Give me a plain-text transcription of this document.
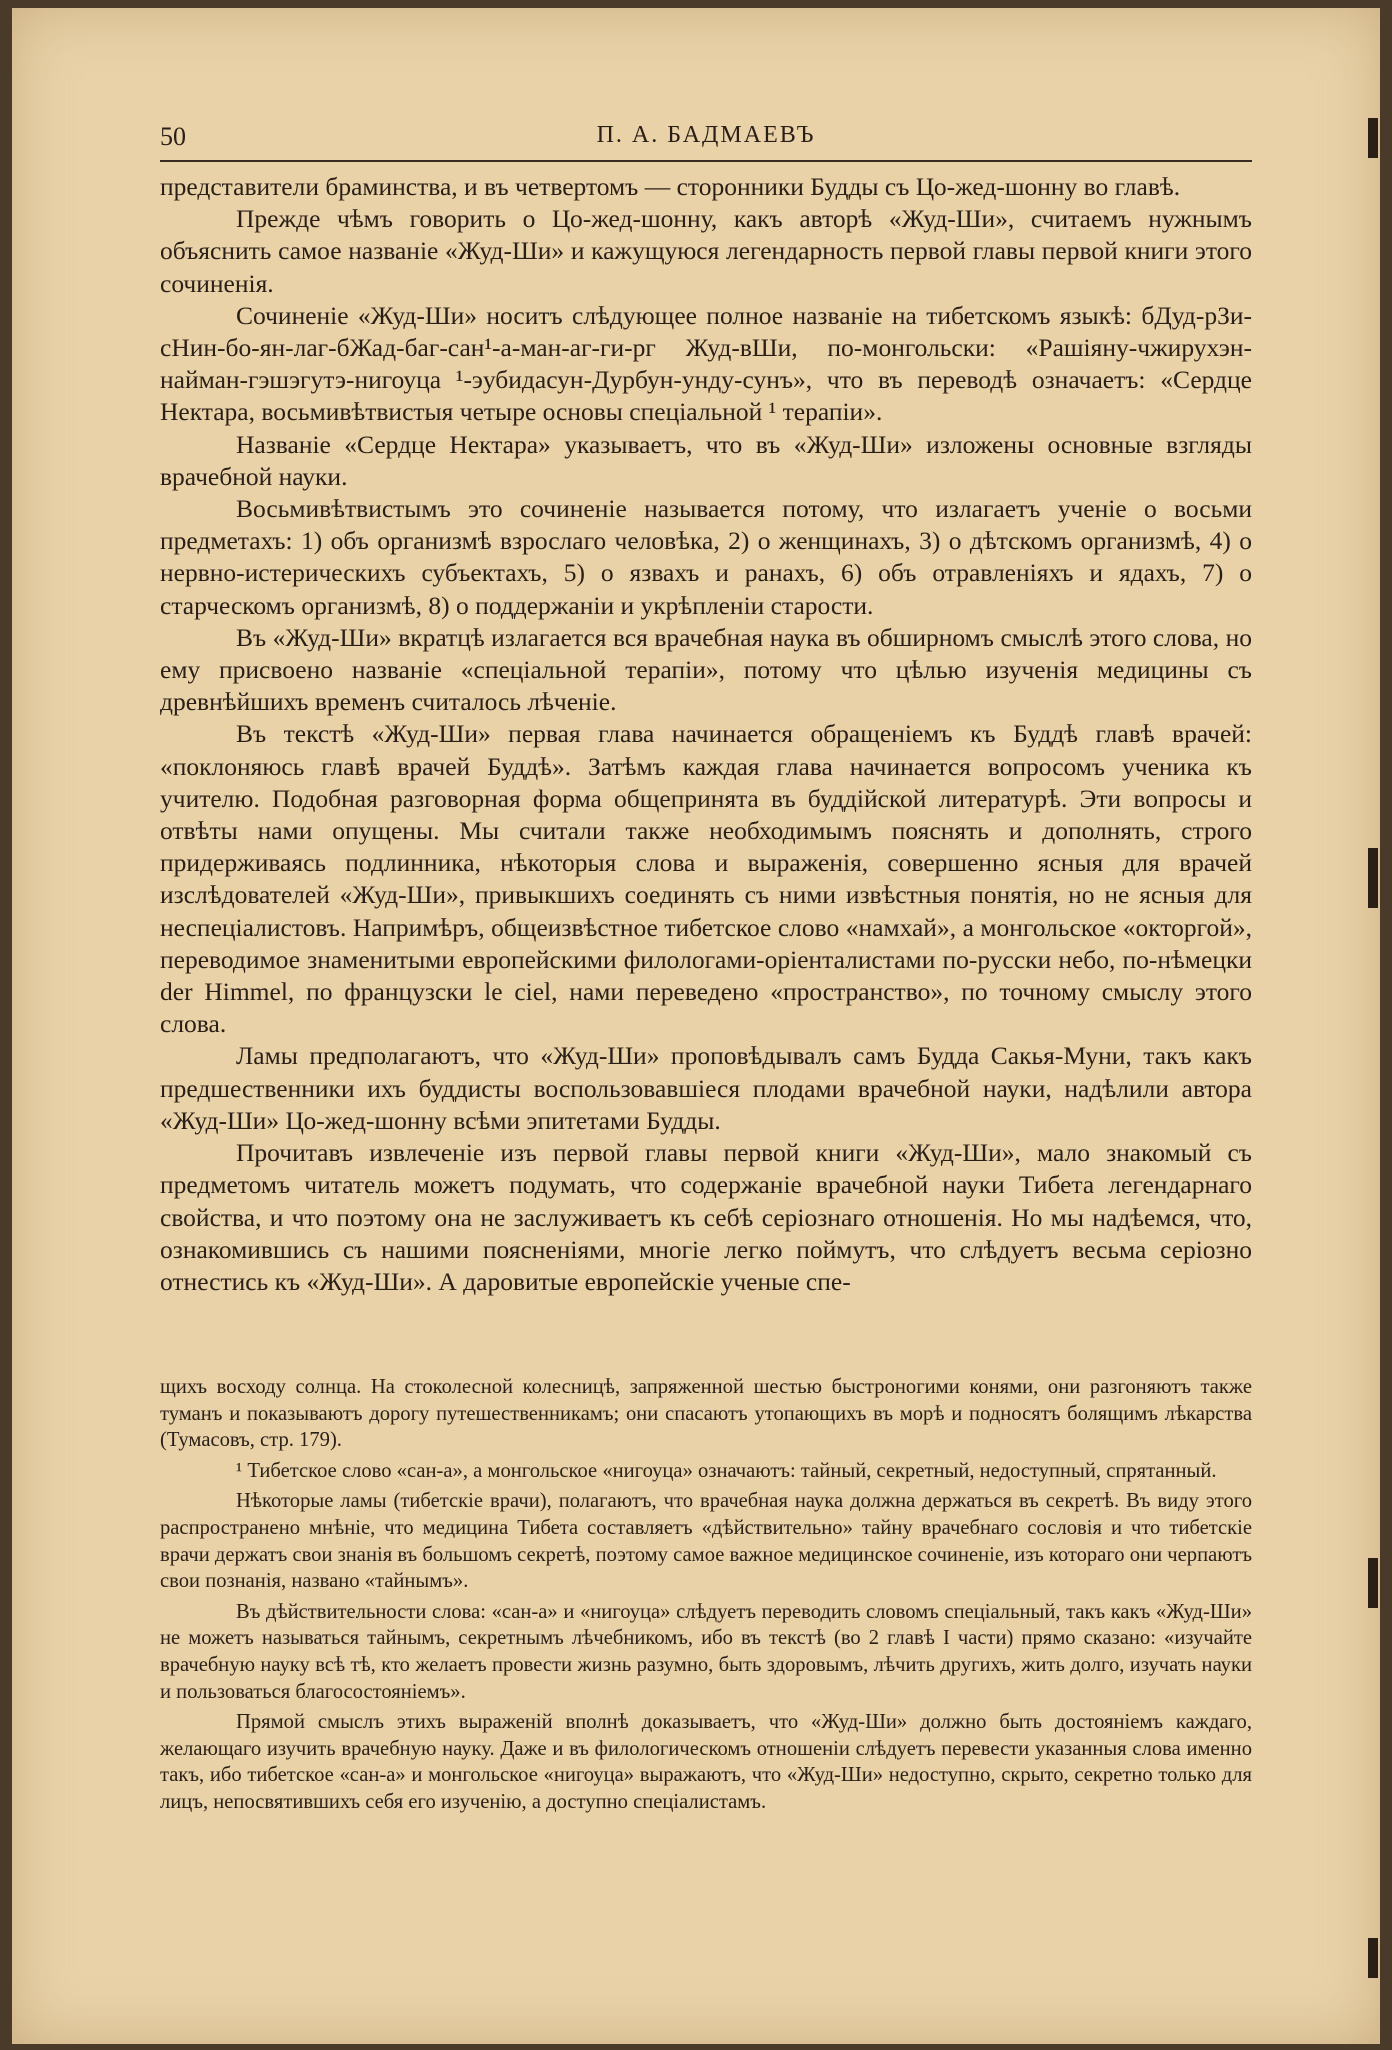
50	П. А. БАДМАЕВЪ

представители браминства, и въ четвертомъ — сторонники Будды съ Цо-жед-шонну во главѣ.

Прежде чѣмъ говорить о Цо-жед-шонну, какъ авторѣ «Жуд-Ши», считаемъ нужнымъ объяснить самое названіе «Жуд-Ши» и кажущуюся легендарность первой главы первой книги этого сочиненія.

Сочиненіе «Жуд-Ши» носитъ слѣдующее полное названіе на тибетскомъ языкѣ: бДуд-рЗи-сНин-бо-ян-лаг-бЖад-баг-сан¹-а-ман-аг-ги-рг Жуд-вШи, по-монгольски: «Рашіяну-чжирухэн-найман-гэшэгутэ-нигоуца ¹-эубидасун-Дурбун-унду-сунъ», что въ переводѣ означаетъ: «Сердце Нектара, восьмивѣтвистыя четыре основы спеціальной ¹ терапіи».

Названіе «Сердце Нектара» указываетъ, что въ «Жуд-Ши» изложены основные взгляды врачебной науки.

Восьмивѣтвистымъ это сочиненіе называется потому, что излагаетъ ученіе о восьми предметахъ: 1) объ организмѣ взрослаго человѣка, 2) о женщинахъ, 3) о дѣтскомъ организмѣ, 4) о нервно-истерическихъ субъектахъ, 5) о язвахъ и ранахъ, 6) объ отравленіяхъ и ядахъ, 7) о старческомъ организмѣ, 8) о поддержаніи и укрѣпленіи старости.

Въ «Жуд-Ши» вкратцѣ излагается вся врачебная наука въ обширномъ смыслѣ этого слова, но ему присвоено названіе «спеціальной терапіи», потому что цѣлью изученія медицины съ древнѣйшихъ временъ считалось лѣченіе.

Въ текстѣ «Жуд-Ши» первая глава начинается обращеніемъ къ Буддѣ главѣ врачей: «поклоняюсь главѣ врачей Буддѣ». Затѣмъ каждая глава начинается вопросомъ ученика къ учителю. Подобная разговорная форма общепринята въ буддійской литературѣ. Эти вопросы и отвѣты нами опущены. Мы считали также необходимымъ пояснять и дополнять, строго придерживаясь подлинника, нѣкоторыя слова и выраженія, совершенно ясныя для врачей изслѣдователей «Жуд-Ши», привыкшихъ соединять съ ними извѣстныя понятія, но не ясныя для неспеціалистовъ. Напримѣръ, общеизвѣстное тибетское слово «намхай», а монгольское «окторгой», переводимое знаменитыми европейскими филологами-оріенталистами по-русски небо, по-нѣмецки der Himmel, по французски le ciel, нами переведено «пространство», по точному смыслу этого слова.

Ламы предполагаютъ, что «Жуд-Ши» проповѣдывалъ самъ Будда Сакья-Муни, такъ какъ предшественники ихъ буддисты воспользовавшіеся плодами врачебной науки, надѣлили автора «Жуд-Ши» Цо-жед-шонну всѣми эпитетами Будды.

Прочитавъ извлеченіе изъ первой главы первой книги «Жуд-Ши», мало знакомый съ предметомъ читатель можетъ подумать, что содержаніе врачебной науки Тибета легендарнаго свойства, и что поэтому она не заслуживаетъ къ себѣ серіознаго отношенія. Но мы надѣемся, что, ознакомившись съ нашими поясненіями, многіе легко поймутъ, что слѣдуетъ весьма серіозно отнестись къ «Жуд-Ши». А даровитые европейскіе ученые спе-

щихъ восходу солнца. На стоколесной колесницѣ, запряженной шестью быстроногими конями, они разгоняютъ также туманъ и показываютъ дорогу путешественникамъ; они спасаютъ утопающихъ въ морѣ и подносятъ болящимъ лѣкарства (Тумасовъ, стр. 179).

¹ Тибетское слово «сан-а», а монгольское «нигоуца» означаютъ: тайный, секретный, недоступный, спрятанный.

Нѣкоторые ламы (тибетскіе врачи), полагаютъ, что врачебная наука должна держаться въ секретѣ. Въ виду этого распространено мнѣніе, что медицина Тибета составляетъ «дѣйствительно» тайну врачебнаго сословія и что тибетскіе врачи держатъ свои знанія въ большомъ секретѣ, поэтому самое важное медицинское сочиненіе, изъ котораго они черпаютъ свои познанія, названо «тайнымъ».

Въ дѣйствительности слова: «сан-а» и «нигоуца» слѣдуетъ переводить словомъ спеціальный, такъ какъ «Жуд-Ши» не можетъ называться тайнымъ, секретнымъ лѣчебникомъ, ибо въ текстѣ (во 2 главѣ I части) прямо сказано: «изучайте врачебную науку всѣ тѣ, кто желаетъ провести жизнь разумно, быть здоровымъ, лѣчить другихъ, жить долго, изучать науки и пользоваться благосостояніемъ».

Прямой смыслъ этихъ выраженій вполнѣ доказываетъ, что «Жуд-Ши» должно быть достояніемъ каждаго, желающаго изучить врачебную науку. Даже и въ филологическомъ отношеніи слѣдуетъ перевести указанныя слова именно такъ, ибо тибетское «сан-а» и монгольское «нигоуца» выражаютъ, что «Жуд-Ши» недоступно, скрыто, секретно только для лицъ, непосвятившихъ себя его изученію, а доступно спеціалистамъ.
